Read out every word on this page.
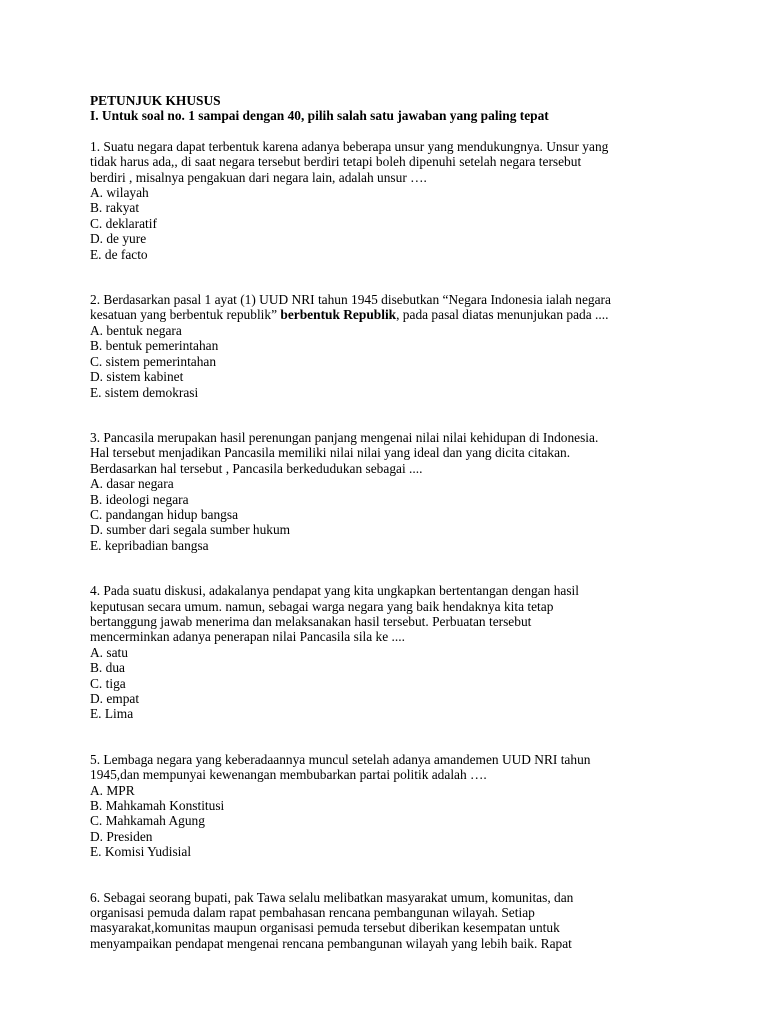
PETUNJUK KHUSUS

I. Untuk soal no. 1 sampai dengan 40, pilih salah satu jawaban yang paling tepat

1. Suatu negara dapat terbentuk karena adanya beberapa unsur yang mendukungnya. Unsur yang

tidak harus ada,, di saat negara tersebut berdiri tetapi boleh dipenuhi setelah negara tersebut

berdiri , misalnya pengakuan dari negara lain, adalah unsur ….

A. wilayah

B. rakyat

C. deklaratif

D. de yure

E. de facto

2. Berdasarkan pasal 1 ayat (1) UUD NRI tahun 1945 disebutkan “Negara Indonesia ialah negara

kesatuan yang berbentuk republik” berbentuk Republik, pada pasal diatas menunjukan pada ....

A. bentuk negara

B. bentuk pemerintahan

C. sistem pemerintahan

D. sistem kabinet

E. sistem demokrasi

3. Pancasila merupakan hasil perenungan panjang mengenai nilai nilai kehidupan di Indonesia.

Hal tersebut menjadikan Pancasila memiliki nilai nilai yang ideal dan yang dicita citakan.

Berdasarkan hal tersebut , Pancasila berkedudukan sebagai ....

A. dasar negara

B. ideologi negara

C. pandangan hidup bangsa

D. sumber dari segala sumber hukum

E. kepribadian bangsa

4. Pada suatu diskusi, adakalanya pendapat yang kita ungkapkan bertentangan dengan hasil

keputusan secara umum. namun, sebagai warga negara yang baik hendaknya kita tetap

bertanggung jawab menerima dan melaksanakan hasil tersebut. Perbuatan tersebut

mencerminkan adanya penerapan nilai Pancasila sila ke ....

A. satu

B. dua

C. tiga

D. empat

E. Lima

5. Lembaga negara yang keberadaannya muncul setelah adanya amandemen UUD NRI tahun

1945,dan mempunyai kewenangan membubarkan partai politik adalah ….

A. MPR

B. Mahkamah Konstitusi

C. Mahkamah Agung

D. Presiden

E. Komisi Yudisial

6. Sebagai seorang bupati, pak Tawa selalu melibatkan masyarakat umum, komunitas, dan

organisasi pemuda dalam rapat pembahasan rencana pembangunan wilayah. Setiap

masyarakat,komunitas maupun organisasi pemuda tersebut diberikan kesempatan untuk

menyampaikan pendapat mengenai rencana pembangunan wilayah yang lebih baik. Rapat
